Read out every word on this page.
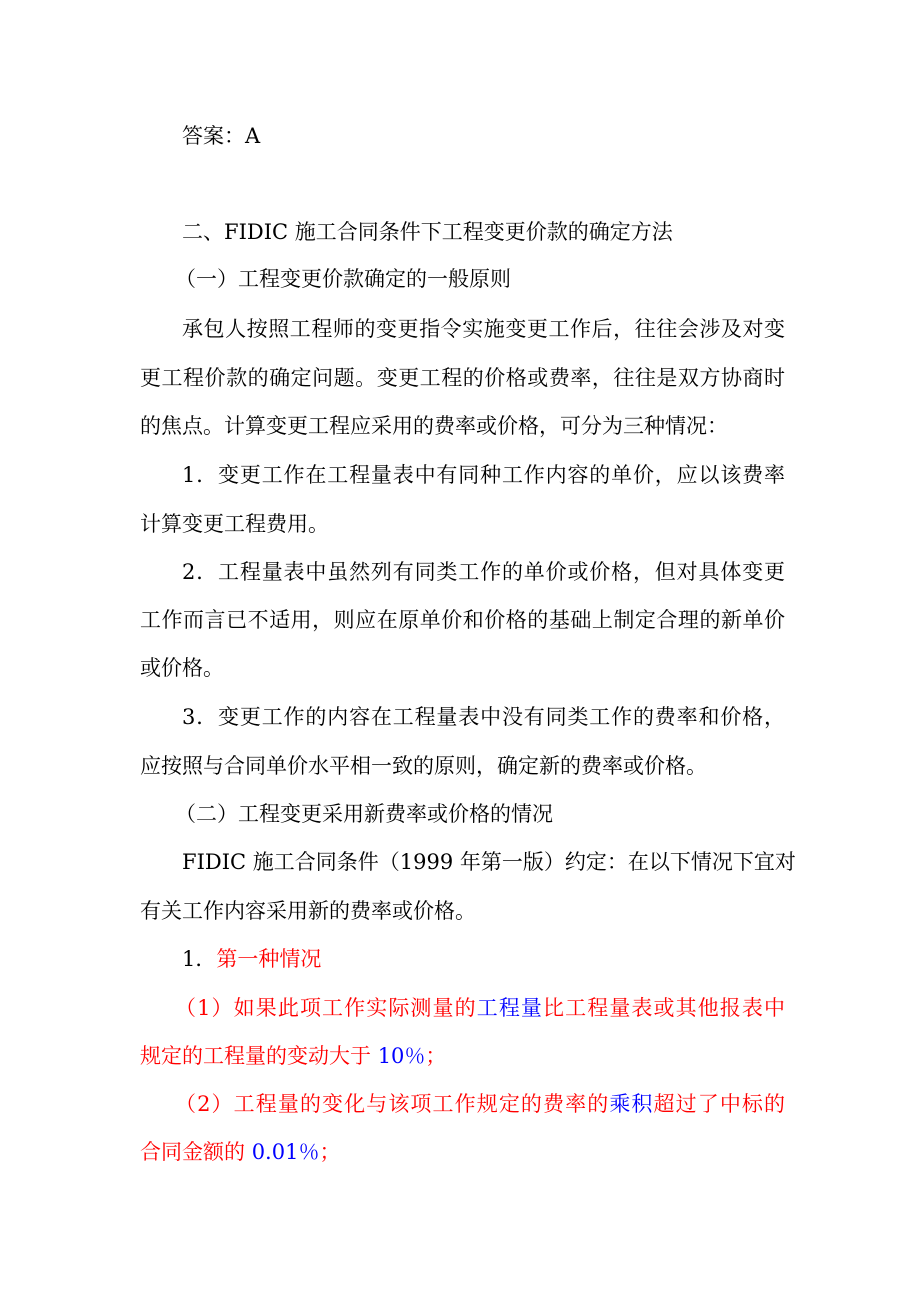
答案：A

二、FIDIC 施工合同条件下工程变更价款的确定方法

（一）工程变更价款确定的一般原则

承包人按照工程师的变更指令实施变更工作后，往往会涉及对变

更工程价款的确定问题。变更工程的价格或费率，往往是双方协商时

的焦点。计算变更工程应采用的费率或价格，可分为三种情况：

1．变更工作在工程量表中有同种工作内容的单价，应以该费率

计算变更工程费用。

2．工程量表中虽然列有同类工作的单价或价格，但对具体变更

工作而言已不适用，则应在原单价和价格的基础上制定合理的新单价

或价格。

3．变更工作的内容在工程量表中没有同类工作的费率和价格，

应按照与合同单价水平相一致的原则，确定新的费率或价格。

（二）工程变更采用新费率或价格的情况

FIDIC 施工合同条件（1999 年第一版）约定：在以下情况下宜对

有关工作内容采用新的费率或价格。

1．第一种情况

（1）如果此项工作实际测量的工程量比工程量表或其他报表中

规定的工程量的变动大于 10％；

（2）工程量的变化与该项工作规定的费率的乘积超过了中标的

合同金额的 0.01％；
